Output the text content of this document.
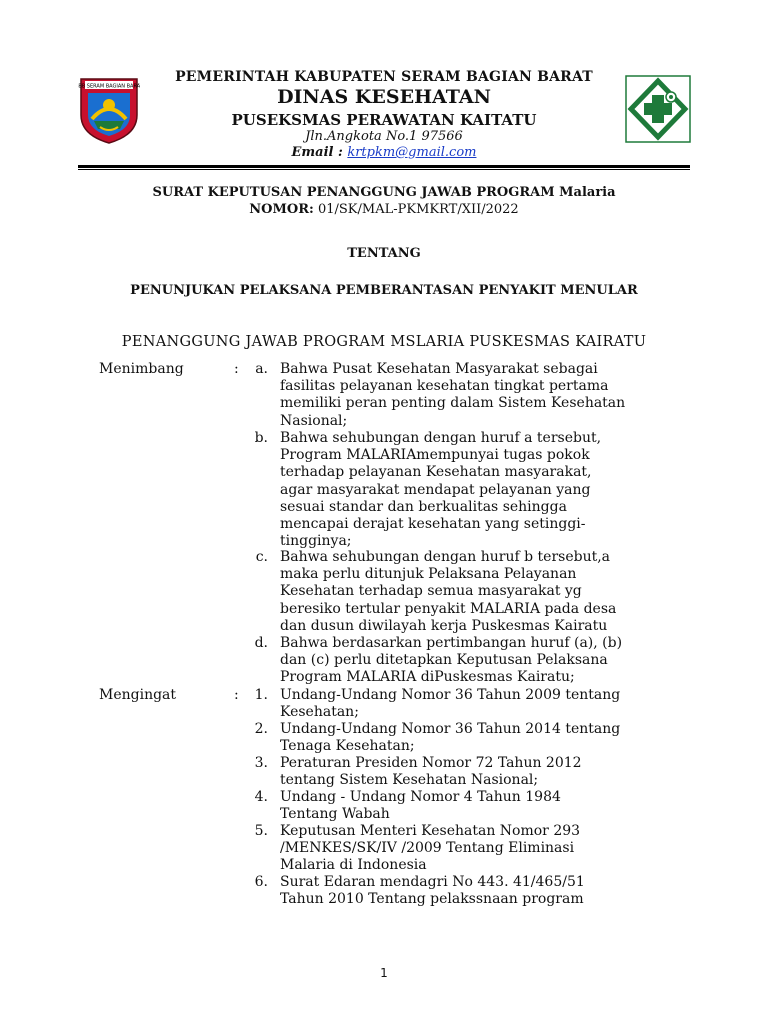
SBB SERAM BAGIAN BARAT
PEMERINTAH KABUPATEN SERAM BAGIAN BARAT
DINAS KESEHATAN
PUSEKSMAS PERAWATAN KAITATU
Jln.Angkota No.1 97566
Email : krtpkm@gmail.com
SURAT KEPUTUSAN PENANGGUNG JAWAB PROGRAM Malaria
NOMOR: 01/SK/MAL-PKMKRT/XII/2022
TENTANG
PENUNJUKAN PELAKSANA PEMBERANTASAN PENYAKIT MENULAR
PENANGGUNG JAWAB PROGRAM MSLARIA PUSKESMAS KAIRATU
Menimbang	:	a. Bahwa Pusat Kesehatan Masyarakat sebagai
fasilitas pelayanan kesehatan tingkat pertama
memiliki peran penting dalam Sistem Kesehatan
Nasional;
b. Bahwa sehubungan dengan huruf a tersebut,
Program MALARIAmempunyai tugas pokok
terhadap pelayanan Kesehatan masyarakat,
agar masyarakat mendapat pelayanan yang
sesuai standar dan berkualitas sehingga
mencapai derajat kesehatan yang setinggi-
tingginya;
c. Bahwa sehubungan dengan huruf b tersebut,a
maka perlu ditunjuk Pelaksana Pelayanan
Kesehatan terhadap semua masyarakat yg
beresiko tertular penyakit MALARIA pada desa
dan dusun diwilayah kerja Puskesmas Kairatu
d. Bahwa berdasarkan pertimbangan huruf (a), (b)
dan (c) perlu ditetapkan Keputusan Pelaksana
Program MALARIA diPuskesmas Kairatu;
Mengingat	:	1. Undang-Undang Nomor 36 Tahun 2009 tentang
Kesehatan;
2. Undang-Undang Nomor 36 Tahun 2014 tentang
Tenaga Kesehatan;
3. Peraturan Presiden Nomor 72 Tahun 2012
tentang Sistem Kesehatan Nasional;
4. Undang - Undang Nomor 4 Tahun 1984
Tentang Wabah
5. Keputusan Menteri Kesehatan Nomor 293
/MENKES/SK/IV /2009 Tentang Eliminasi
Malaria di Indonesia
6. Surat Edaran mendagri No 443. 41/465/51
Tahun 2010 Tentang pelakssnaan program
1
